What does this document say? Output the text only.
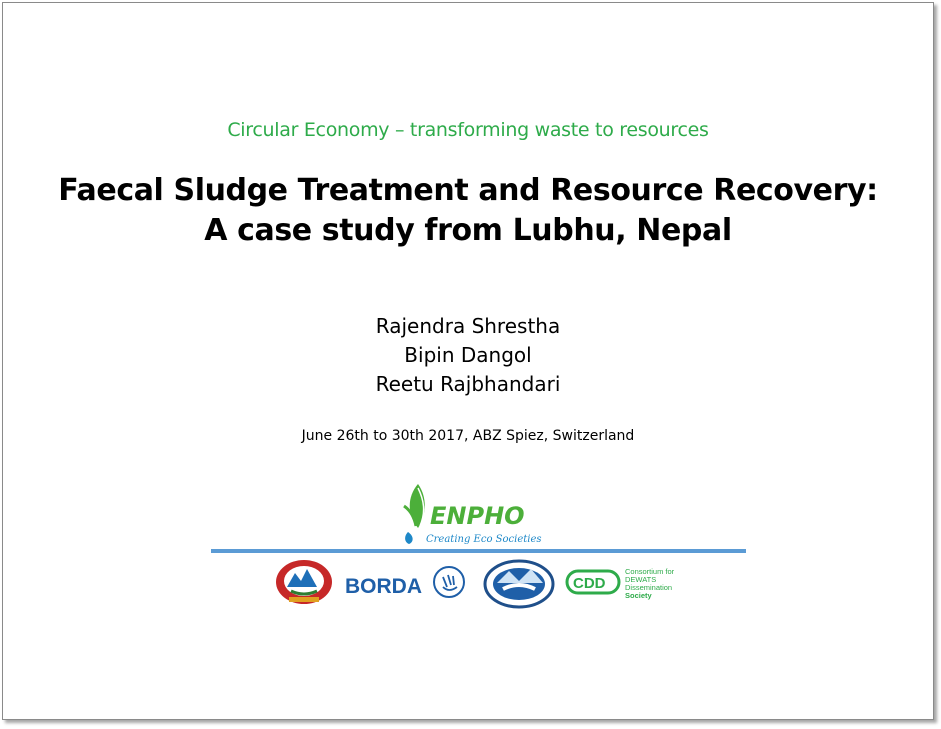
Circular Economy – transforming waste to resources
Faecal Sludge Treatment and Resource Recovery:
A case study from Lubhu, Nepal
Rajendra Shrestha
Bipin Dangol
Reetu Rajbhandari
June 26th to 30th 2017, ABZ Spiez, Switzerland
ENPHO
Creating Eco Societies
BORDA	CDD
Consortium for
DEWATS
Dissemination
Society
